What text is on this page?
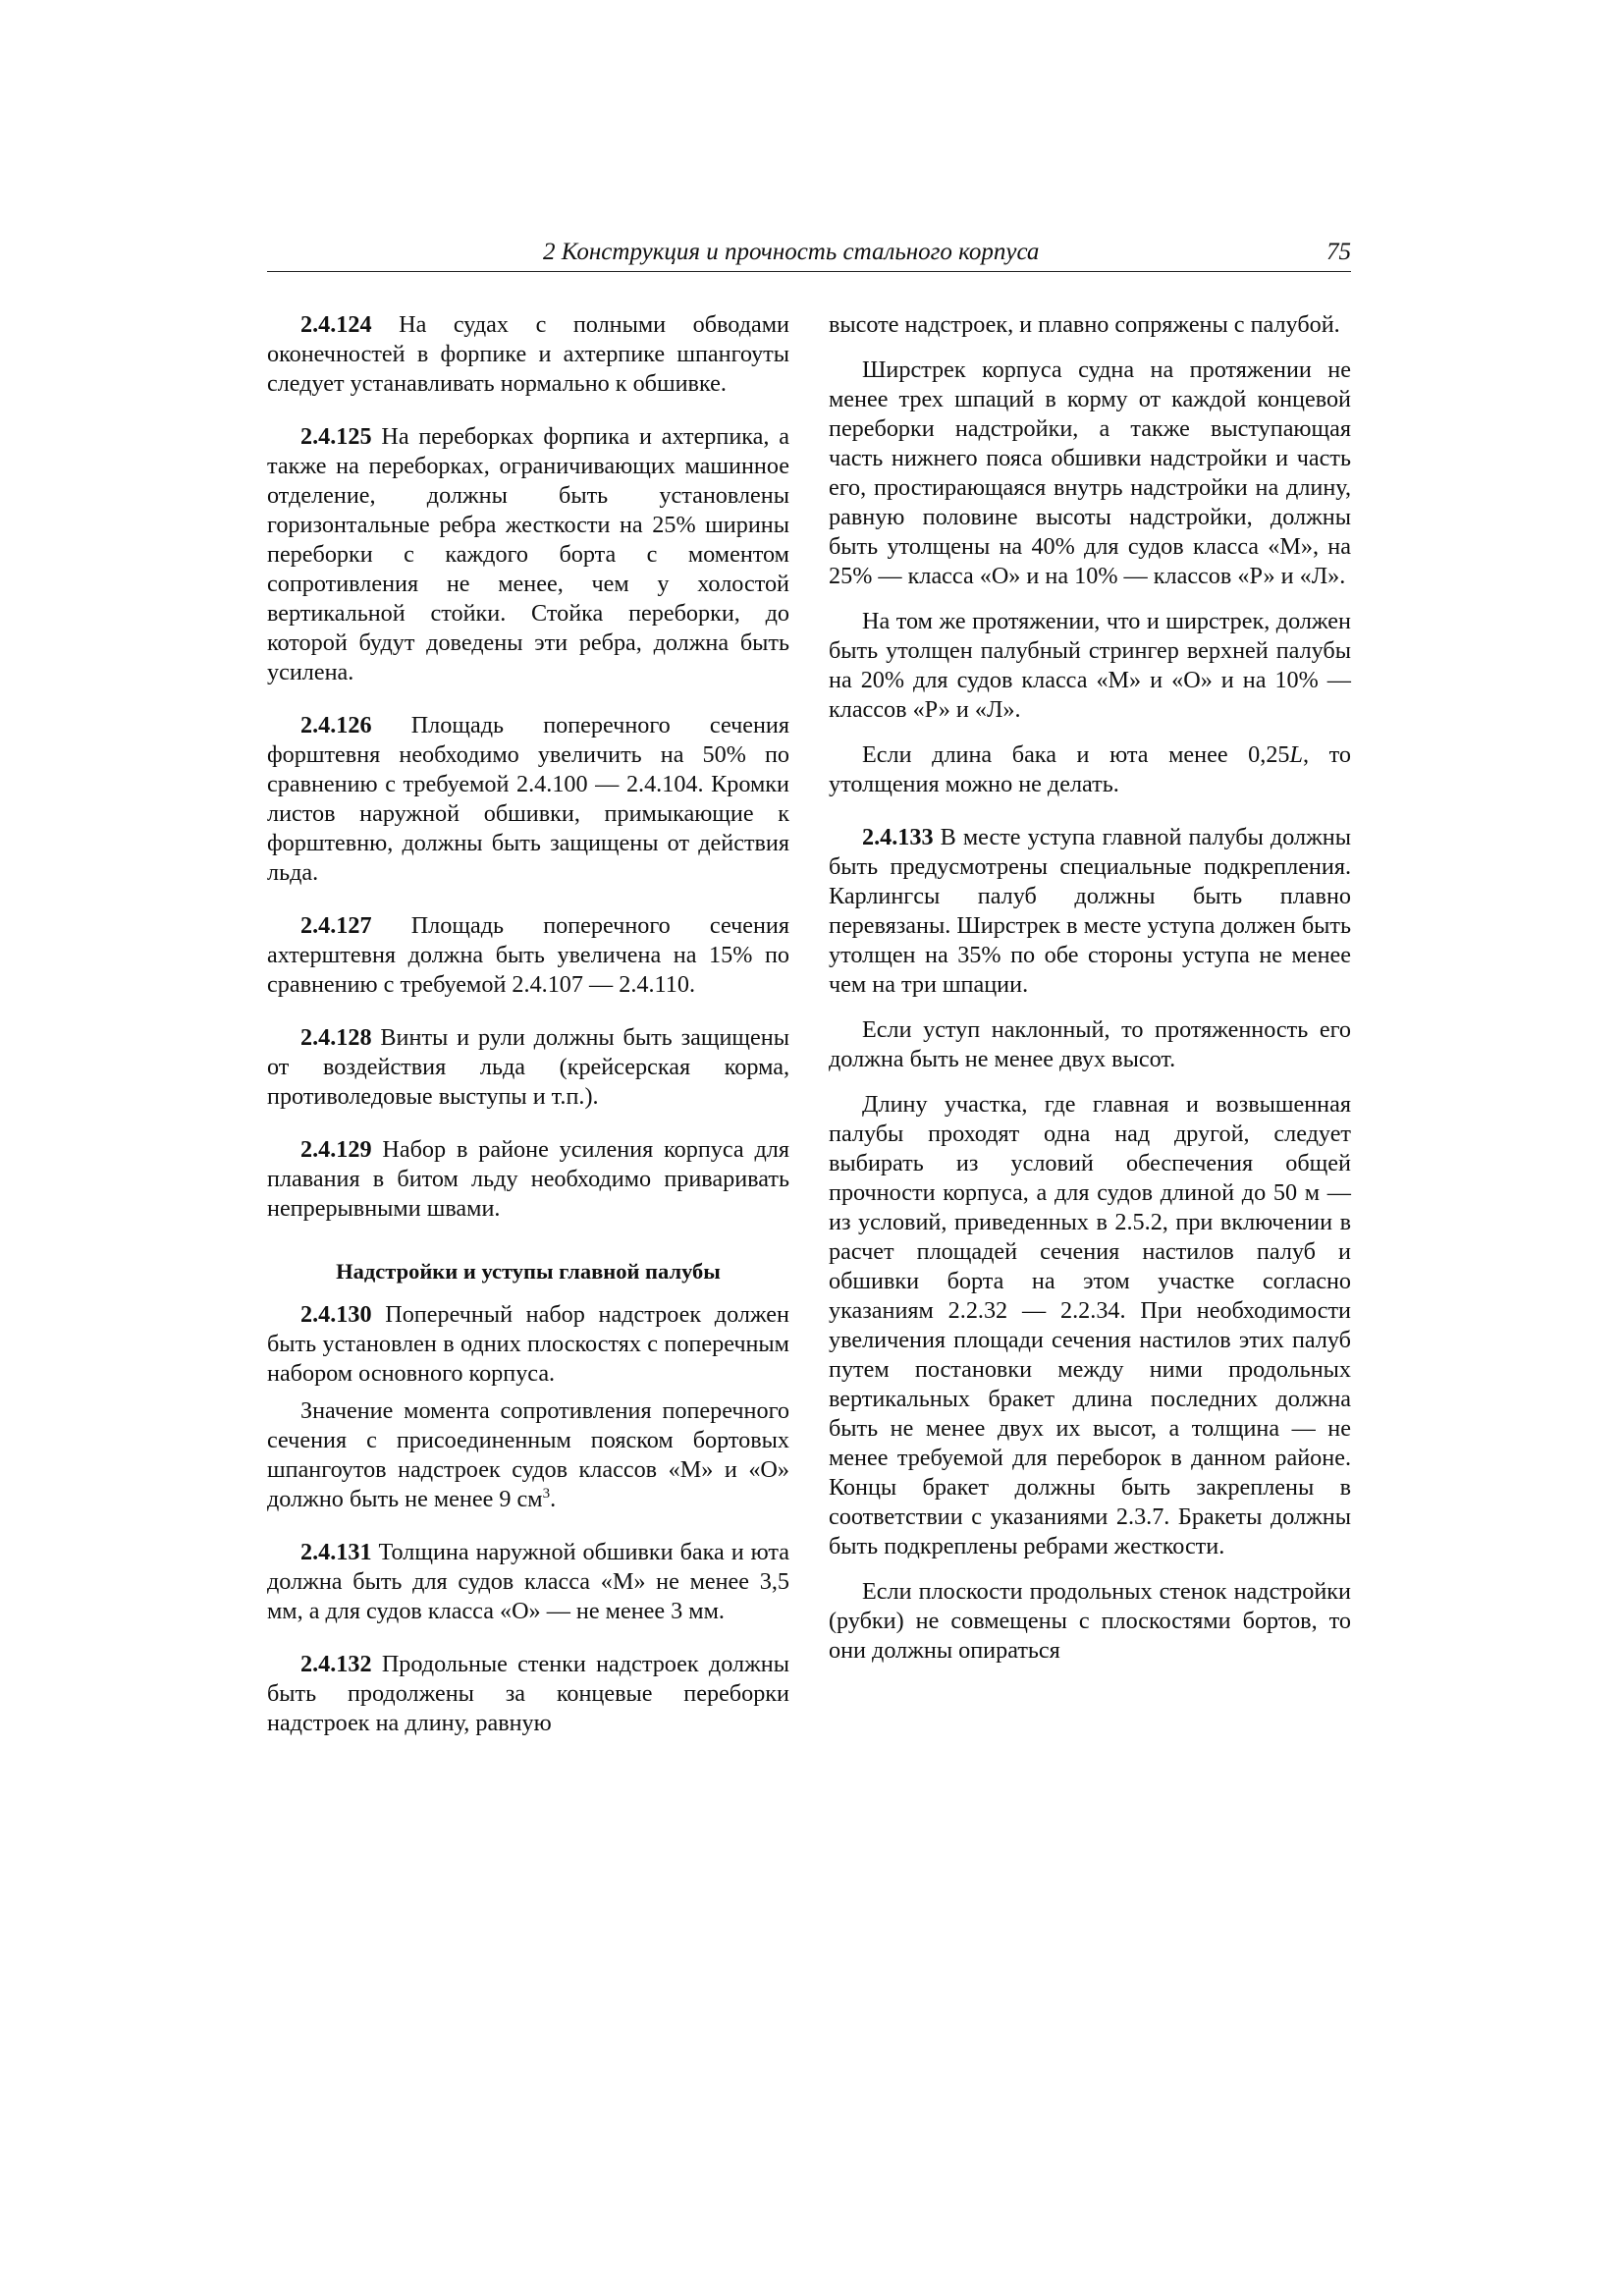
2 Конструкция и прочность стального корпуса	75

2.4.124 На судах с полными обводами оконечностей в форпике и ахтерпике шпангоуты следует устанавливать нормально к обшивке.

2.4.125 На переборках форпика и ахтерпика, а также на переборках, ограничивающих машинное отделение, должны быть установлены горизонтальные ребра жесткости на 25% ширины переборки с каждого борта с моментом сопротивления не менее, чем у холостой вертикальной стойки. Стойка переборки, до которой будут доведены эти ребра, должна быть усилена.

2.4.126 Площадь поперечного сечения форштевня необходимо увеличить на 50% по сравнению с требуемой 2.4.100 — 2.4.104. Кромки листов наружной обшивки, примыкающие к форштевню, должны быть защищены от действия льда.

2.4.127 Площадь поперечного сечения ахтерштевня должна быть увеличена на 15% по сравнению с требуемой 2.4.107 — 2.4.110.

2.4.128 Винты и рули должны быть защищены от воздействия льда (крейсерская корма, противоледовые выступы и т.п.).

2.4.129 Набор в районе усиления корпуса для плавания в битом льду необходимо приваривать непрерывными швами.

Надстройки и уступы главной палубы

2.4.130 Поперечный набор надстроек должен быть установлен в одних плоскостях с поперечным набором основного корпуса.

Значение момента сопротивления поперечного сечения с присоединенным пояском бортовых шпангоутов надстроек судов классов «М» и «О» должно быть не менее 9 $см^3$.

2.4.131 Толщина наружной обшивки бака и юта должна быть для судов класса «М» не менее 3,5 мм, а для судов класса «О» — не менее 3 мм.

2.4.132 Продольные стенки надстроек должны быть продолжены за концевые переборки надстроек на длину, равную

высоте надстроек, и плавно сопряжены с палубой.

Ширстрек корпуса судна на протяжении не менее трех шпаций в корму от каждой концевой переборки надстройки, а также выступающая часть нижнего пояса обшивки надстройки и часть его, простирающаяся внутрь надстройки на длину, равную половине высоты надстройки, должны быть утолщены на 40% для судов класса «М», на 25% — класса «О» и на 10% — классов «Р» и «Л».

На том же протяжении, что и ширстрек, должен быть утолщен палубный стрингер верхней палубы на 20% для судов класса «М» и «О» и на 10% — классов «Р» и «Л».

Если длина бака и юта менее 0,25L, то утолщения можно не делать.

2.4.133 В месте уступа главной палубы должны быть предусмотрены специальные подкрепления. Карлингсы палуб должны быть плавно перевязаны. Ширстрек в месте уступа должен быть утолщен на 35% по обе стороны уступа не менее чем на три шпации.

Если уступ наклонный, то протяженность его должна быть не менее двух высот.

Длину участка, где главная и возвышенная палубы проходят одна над другой, следует выбирать из условий обеспечения общей прочности корпуса, а для судов длиной до 50 м — из условий, приведенных в 2.5.2, при включении в расчет площадей сечения настилов палуб и обшивки борта на этом участке согласно указаниям 2.2.32 — 2.2.34. При необходимости увеличения площади сечения настилов этих палуб путем постановки между ними продольных вертикальных бракет длина последних должна быть не менее двух их высот, а толщина — не менее требуемой для переборок в данном районе. Концы бракет должны быть закреплены в соответствии с указаниями 2.3.7. Бракеты должны быть подкреплены ребрами жесткости.

Если плоскости продольных стенок надстройки (рубки) не совмещены с плоскостями бортов, то они должны опираться
